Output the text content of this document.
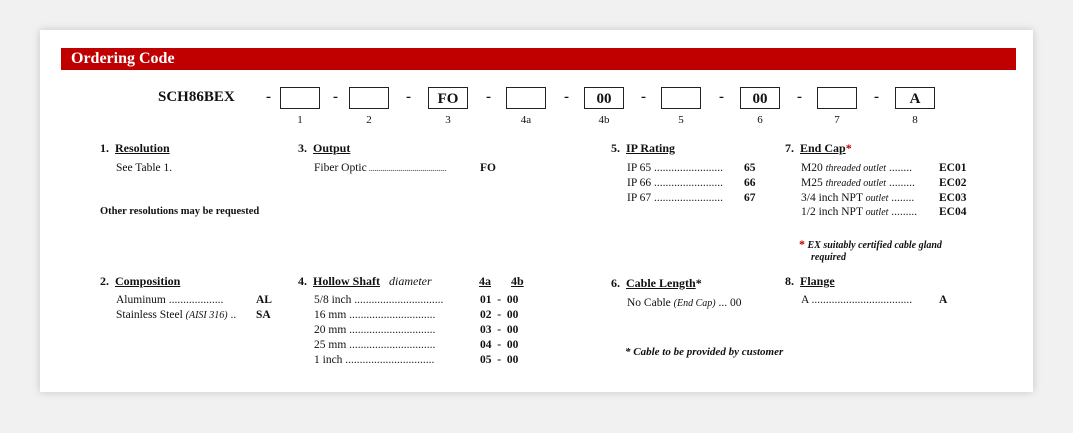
Ordering Code
SCH86BEX -
1
-
2
-	FO
3
-
4a
-	00
4b
-
5
-	00
6
-
7
-	A
8
1. Resolution
See Table 1.
Other resolutions may be requested
2. Composition
Aluminum ...................	AL
Stainless Steel (AISI 316) .. SA
3. Output
Fiber Optic .......................................	FO
4. Hollow Shaft diameter	4a 4b
5/8 inch ...............................	01 - 00
16 mm ..............................	02 - 00
20 mm ..............................	03 - 00
25 mm ..............................	04 - 00
1 inch ...............................	05 - 00
5. IP Rating
IP 65 ........................ 65
IP 66 ........................ 66
IP 67 ........................ 67
6. Cable Length*
No Cable (End Cap) ... 00
* Cable to be provided by customer
7. End Cap*
M20 threaded outlet ........ EC01
M25 threaded outlet ......... EC02
3/4 inch NPT outlet ........ EC03
1/2 inch NPT outlet ......... EC04
* EX suitably certified cable gland
required
8. Flange
A ................................... A
